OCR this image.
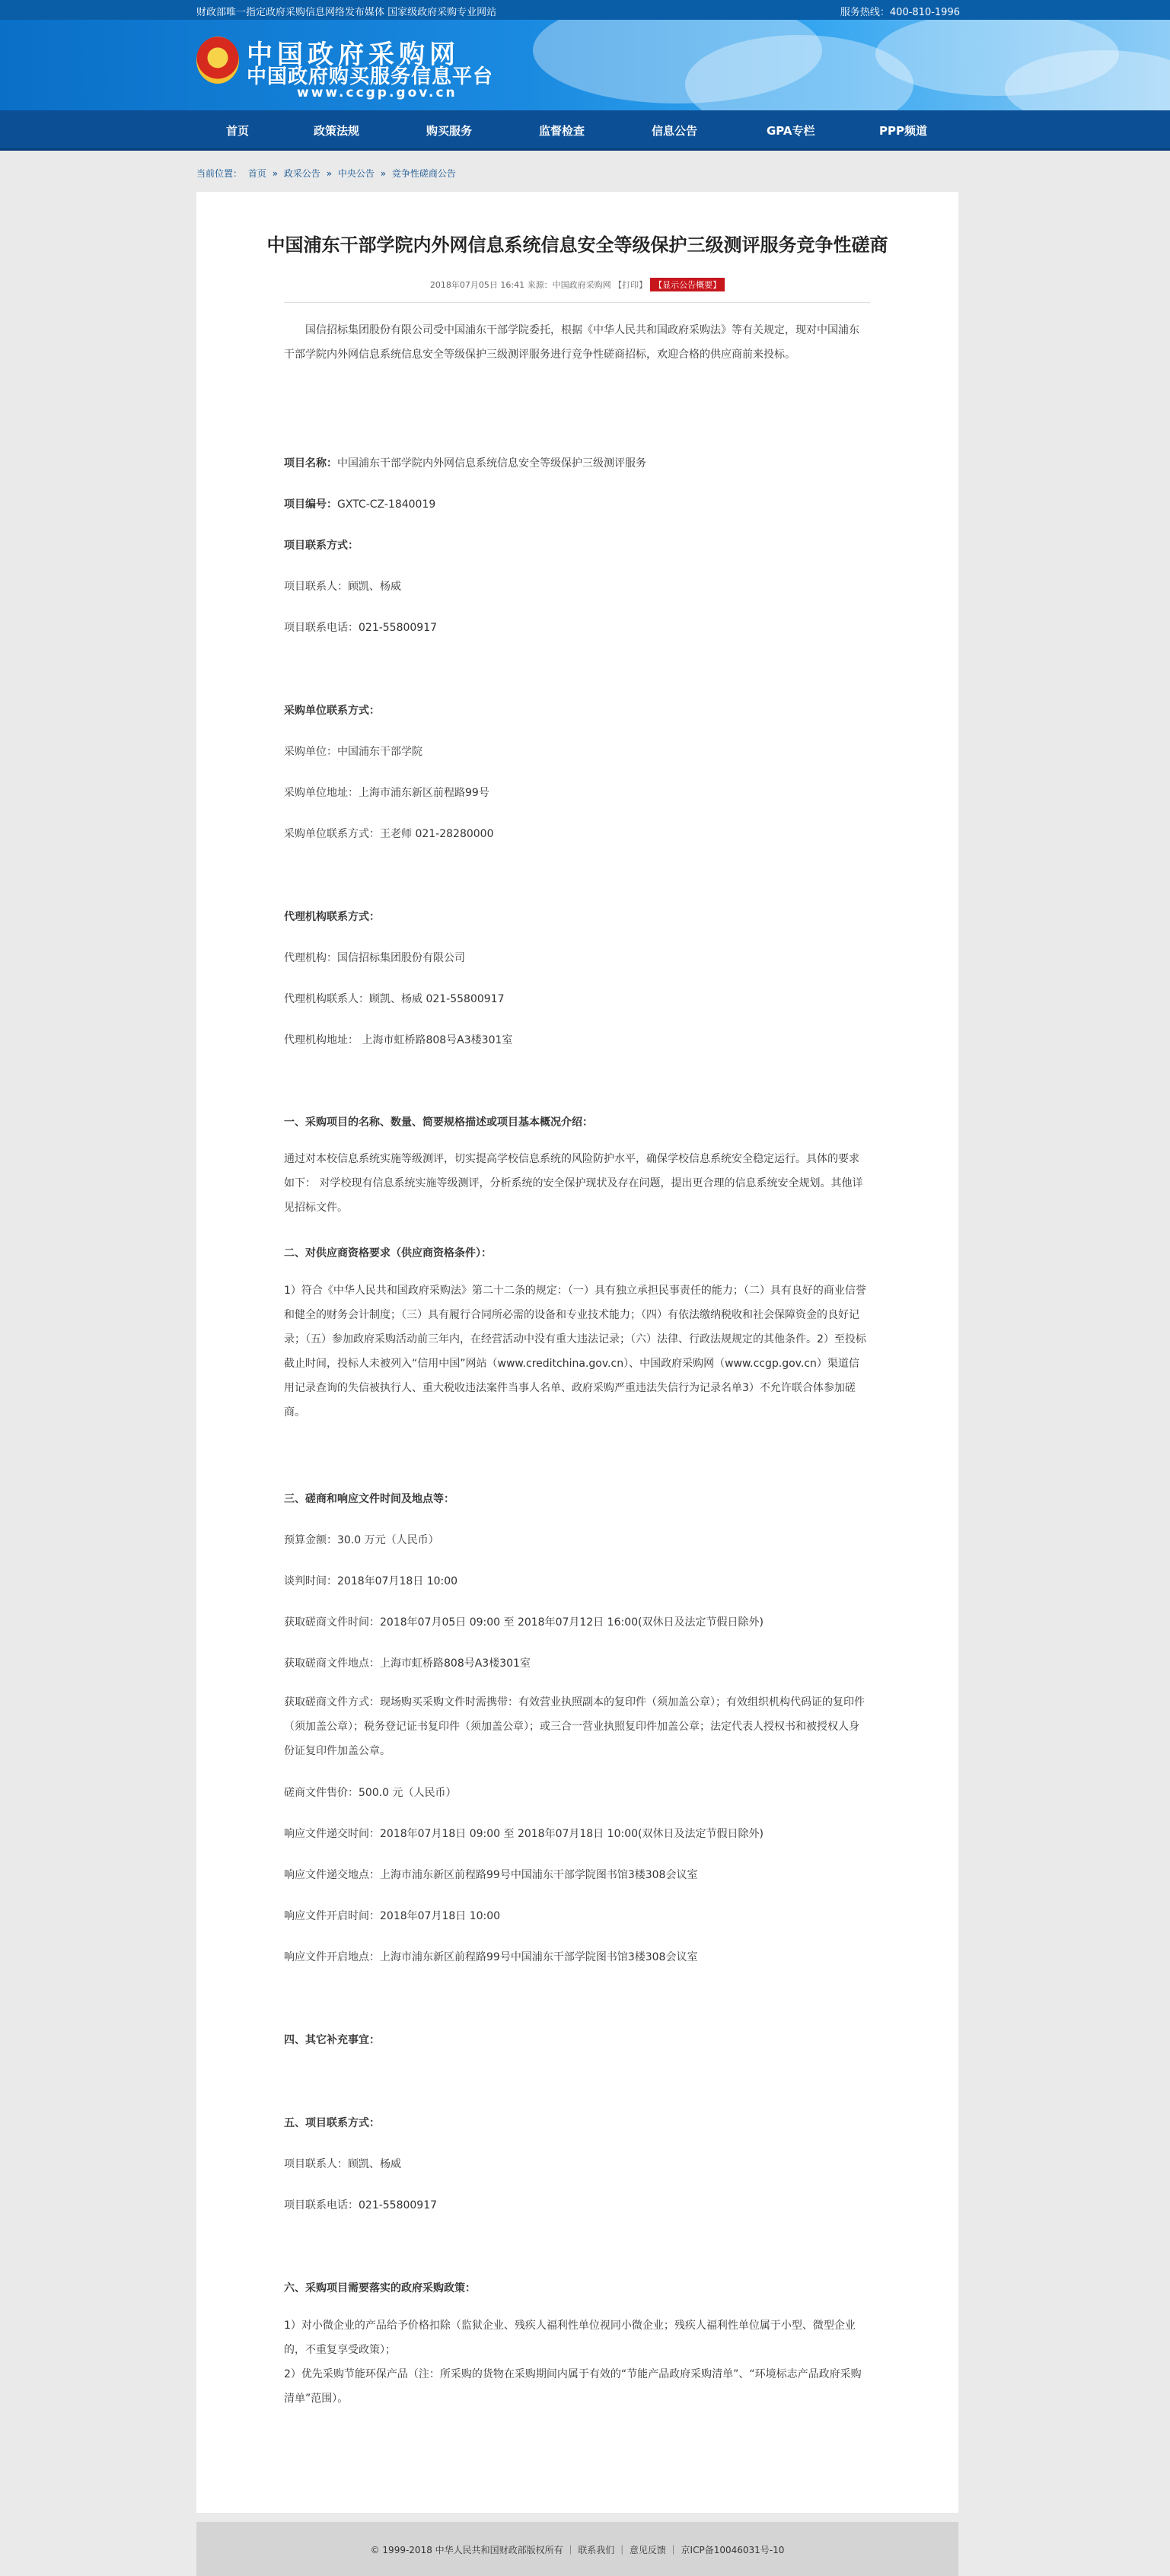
财政部唯一指定政府采购信息网络发布媒体 国家级政府采购专业网站	服务热线：400-810-1996
中国政府采购网
中国政府购买服务信息平台
www.ccgp.gov.cn
首页	政策法规	购买服务	监督检查	信息公告	GPA专栏	PPP频道
当前位置： 首页 » 政采公告 » 中央公告 » 竞争性磋商公告
中国浦东干部学院内外网信息系统信息安全等级保护三级测评服务竞争性磋商
2018年07月05日 16:41 来源：中国政府采购网 【打印】 【显示公告概要】
国信招标集团股份有限公司受中国浦东干部学院委托，根据《中华人民共和国政府采购法》等有关规定，现对中国浦东干部学院内外网信息系统信息安全等级保护三级测评服务进行竞争性磋商招标，欢迎合格的供应商前来投标。
项目名称：中国浦东干部学院内外网信息系统信息安全等级保护三级测评服务
项目编号：GXTC-CZ-1840019
项目联系方式：
项目联系人：顾凯、杨威
项目联系电话：021-55800917
采购单位联系方式：
采购单位：中国浦东干部学院
采购单位地址：上海市浦东新区前程路99号
采购单位联系方式：王老师 021-28280000
代理机构联系方式：
代理机构：国信招标集团股份有限公司
代理机构联系人：顾凯、杨威 021-55800917
代理机构地址： 上海市虹桥路808号A3楼301室
一、采购项目的名称、数量、简要规格描述或项目基本概况介绍：
通过对本校信息系统实施等级测评，切实提高学校信息系统的风险防护水平，确保学校信息系统安全稳定运行。具体的要求如下： 对学校现有信息系统实施等级测评，分析系统的安全保护现状及存在问题，提出更合理的信息系统安全规划。其他详见招标文件。
二、对供应商资格要求（供应商资格条件）：
1）符合《中华人民共和国政府采购法》第二十二条的规定：（一）具有独立承担民事责任的能力；（二）具有良好的商业信誉和健全的财务会计制度；（三）具有履行合同所必需的设备和专业技术能力；（四）有依法缴纳税收和社会保障资金的良好记录；（五）参加政府采购活动前三年内，在经营活动中没有重大违法记录；（六）法律、行政法规规定的其他条件。2）至投标截止时间，投标人未被列入“信用中国”网站（www.creditchina.gov.cn）、中国政府采购网（www.ccgp.gov.cn）渠道信用记录查询的失信被执行人、重大税收违法案件当事人名单、政府采购严重违法失信行为记录名单3）不允许联合体参加磋商。
三、磋商和响应文件时间及地点等：
预算金额：30.0 万元（人民币）
谈判时间：2018年07月18日 10:00
获取磋商文件时间：2018年07月05日 09:00 至 2018年07月12日 16:00(双休日及法定节假日除外)
获取磋商文件地点：上海市虹桥路808号A3楼301室
获取磋商文件方式：现场购买采购文件时需携带：有效营业执照副本的复印件（须加盖公章）；有效组织机构代码证的复印件（须加盖公章）；税务登记证书复印件（须加盖公章）；或三合一营业执照复印件加盖公章；法定代表人授权书和被授权人身份证复印件加盖公章。
磋商文件售价：500.0 元（人民币）
响应文件递交时间：2018年07月18日 09:00 至 2018年07月18日 10:00(双休日及法定节假日除外)
响应文件递交地点：上海市浦东新区前程路99号中国浦东干部学院图书馆3楼308会议室
响应文件开启时间：2018年07月18日 10:00
响应文件开启地点：上海市浦东新区前程路99号中国浦东干部学院图书馆3楼308会议室
四、其它补充事宜：
五、项目联系方式：
项目联系人：顾凯、杨威
项目联系电话：021-55800917
六、采购项目需要落实的政府采购政策：
1）对小微企业的产品给予价格扣除（监狱企业、残疾人福利性单位视同小微企业；残疾人福利性单位属于小型、微型企业的，不重复享受政策）；
2）优先采购节能环保产品（注：所采购的货物在采购期间内属于有效的“节能产品政府采购清单”、“环境标志产品政府采购清单”范围）。
© 1999-2018 中华人民共和国财政部版权所有 ｜ 联系我们 ｜ 意见反馈 ｜ 京ICP备10046031号-10
